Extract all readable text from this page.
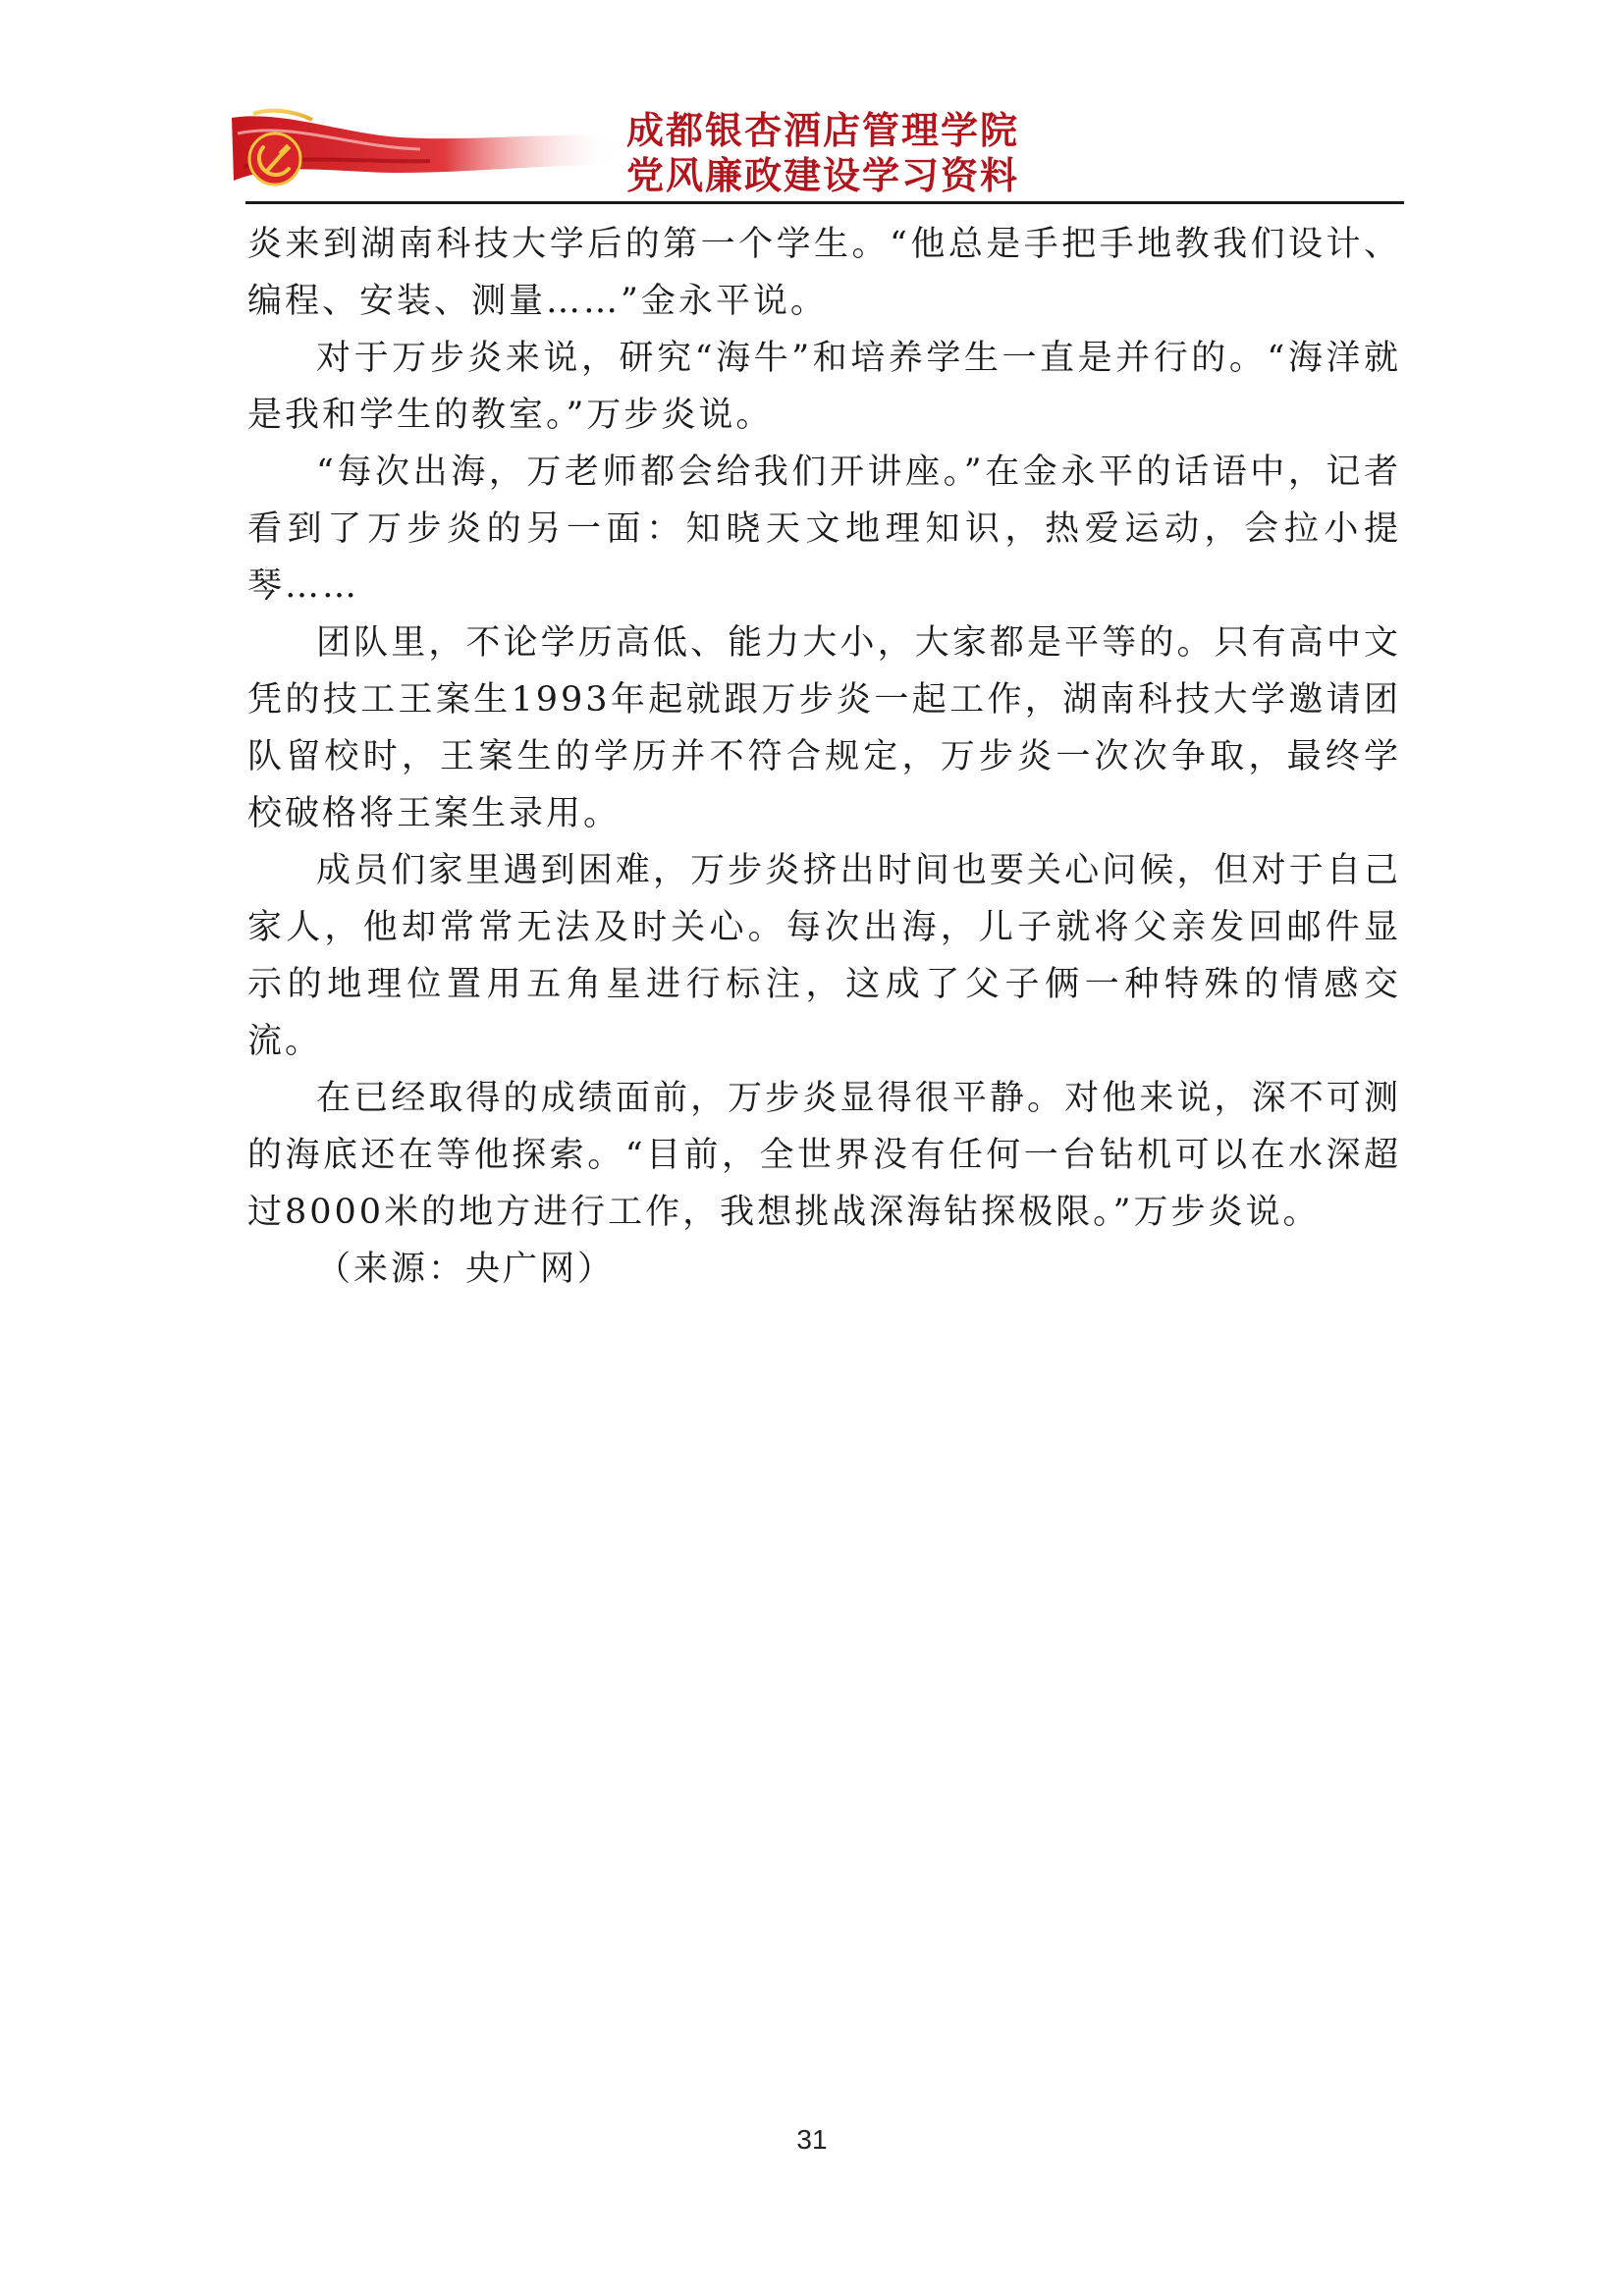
成都银杏酒店管理学院
党风廉政建设学习资料

炎来到湖南科技大学后的第一个学生。“他总是手把手地教我们设计、编程、安装、测量……”金永平说。

对于万步炎来说，研究“海牛”和培养学生一直是并行的。“海洋就是我和学生的教室。”万步炎说。

“每次出海，万老师都会给我们开讲座。”在金永平的话语中，记者看到了万步炎的另一面：知晓天文地理知识，热爱运动，会拉小提琴……

团队里，不论学历高低、能力大小，大家都是平等的。只有高中文凭的技工王案生1993年起就跟万步炎一起工作，湖南科技大学邀请团队留校时，王案生的学历并不符合规定，万步炎一次次争取，最终学校破格将王案生录用。

成员们家里遇到困难，万步炎挤出时间也要关心问候，但对于自己家人，他却常常无法及时关心。每次出海，儿子就将父亲发回邮件显示的地理位置用五角星进行标注，这成了父子俩一种特殊的情感交流。

在已经取得的成绩面前，万步炎显得很平静。对他来说，深不可测的海底还在等他探索。“目前，全世界没有任何一台钻机可以在水深超过8000米的地方进行工作，我想挑战深海钻探极限。”万步炎说。

（来源：央广网）

31
